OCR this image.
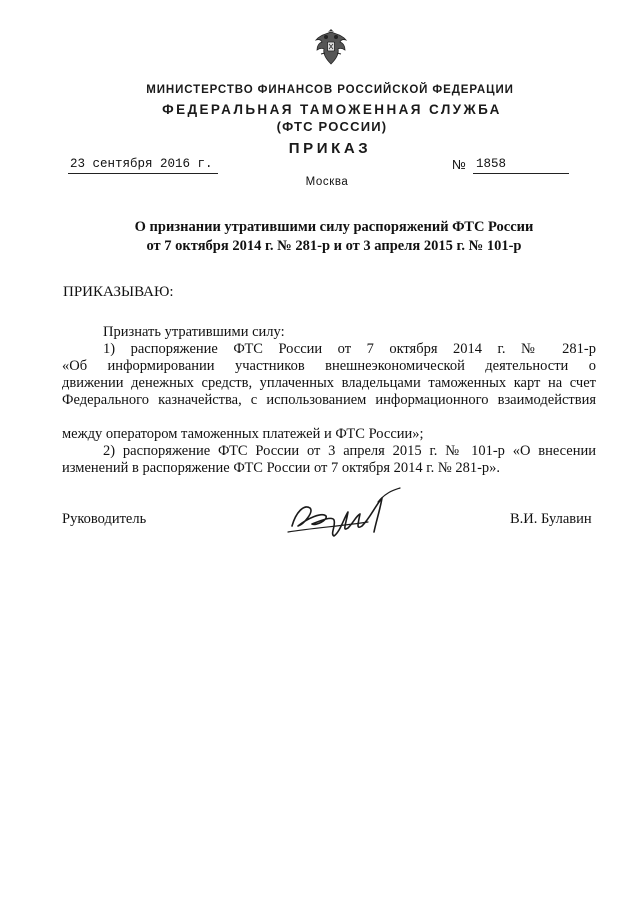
МИНИСТЕРСТВО ФИНАНСОВ РОССИЙСКОЙ ФЕДЕРАЦИИ
ФЕДЕРАЛЬНАЯ ТАМОЖЕННАЯ СЛУЖБА
(ФТС РОССИИ)
ПРИКАЗ
23 сентября 2016 г.	№ 1858
Москва
О признании утратившими силу распоряжений ФТС России
от 7 октября 2014 г. № 281-р и от 3 апреля 2015 г. № 101-р
ПРИКАЗЫВАЮ:
Признать утратившими силу:
1) распоряжение ФТС России от 7 октября 2014 г. № 281-р
«Об информировании участников внешнеэкономической деятельности о
движении денежных средств, уплаченных владельцами таможенных карт на счет
Федерального казначейства, с использованием информационного взаимодействия
между оператором таможенных платежей и ФТС России»;
2) распоряжение ФТС России от 3 апреля 2015 г. № 101-р «О внесении
изменений в распоряжение ФТС России от 7 октября 2014 г. № 281-р».
Руководитель	В.И. Булавин
